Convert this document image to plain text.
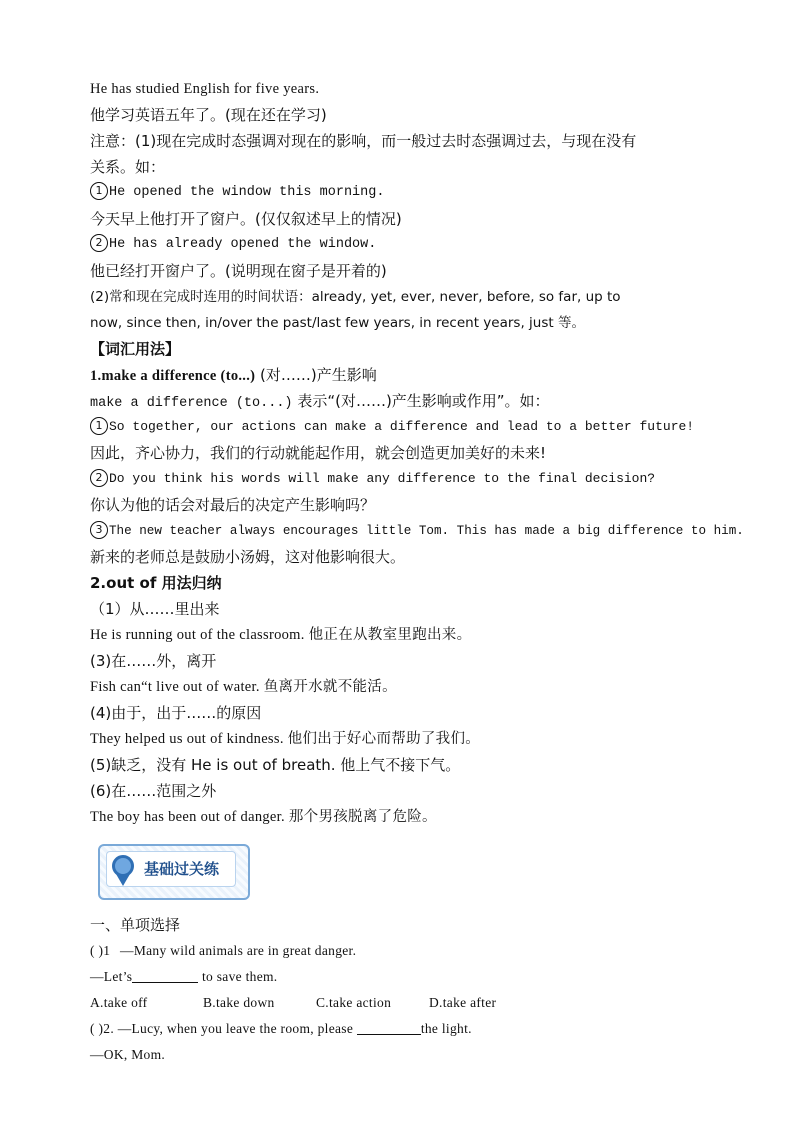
He has studied English for five years.
他学习英语五年了。(现在还在学习)
注意：(1)现在完成时态强调对现在的影响，而一般过去时态强调过去，与现在没有
关系。如：
1 He opened the window this morning.
今天早上他打开了窗户。(仅仅叙述早上的情况)
2 He has already opened the window.
他已经打开窗户了。(说明现在窗子是开着的)
(2)常和现在完成时连用的时间状语：already, yet, ever, never, before, so far, up to
now, since then, in/over the past/last few years, in recent years, just 等。
【词汇用法】
1.make a difference (to...) (对……)产生影响
make a difference (to...) 表示“(对……)产生影响或作用”。如：
1 So together, our actions can make a difference and lead to a better future!
因此，齐心协力，我们的行动就能起作用，就会创造更加美好的未来!
2 Do you think his words will make any difference to the final decision?
你认为他的话会对最后的决定产生影响吗？
3 The new teacher always encourages little Tom. This has made a big difference to him.
新来的老师总是鼓励小汤姆，这对他影响很大。
2.out of 用法归纳
（1）从……里出来
He is running out of the classroom. 他正在从教室里跑出来。
(3)在……外，离开
Fish can“t live out of water. 鱼离开水就不能活。
(4)由于，出于……的原因
They helped us out of kindness. 他们出于好心而帮助了我们。
(5)缺乏，没有 He is out of breath. 他上气不接下气。
(6)在……范围之外
The boy has been out of danger. 那个男孩脱离了危险。
基础过关练
一、单项选择
( )1 —Many wild animals are in great danger.
—Let’s	to save them.
A.take off	B.take down	C.take action	D.take after
( )2. —Lucy, when you leave the room, please	the light.
—OK, Mom.
